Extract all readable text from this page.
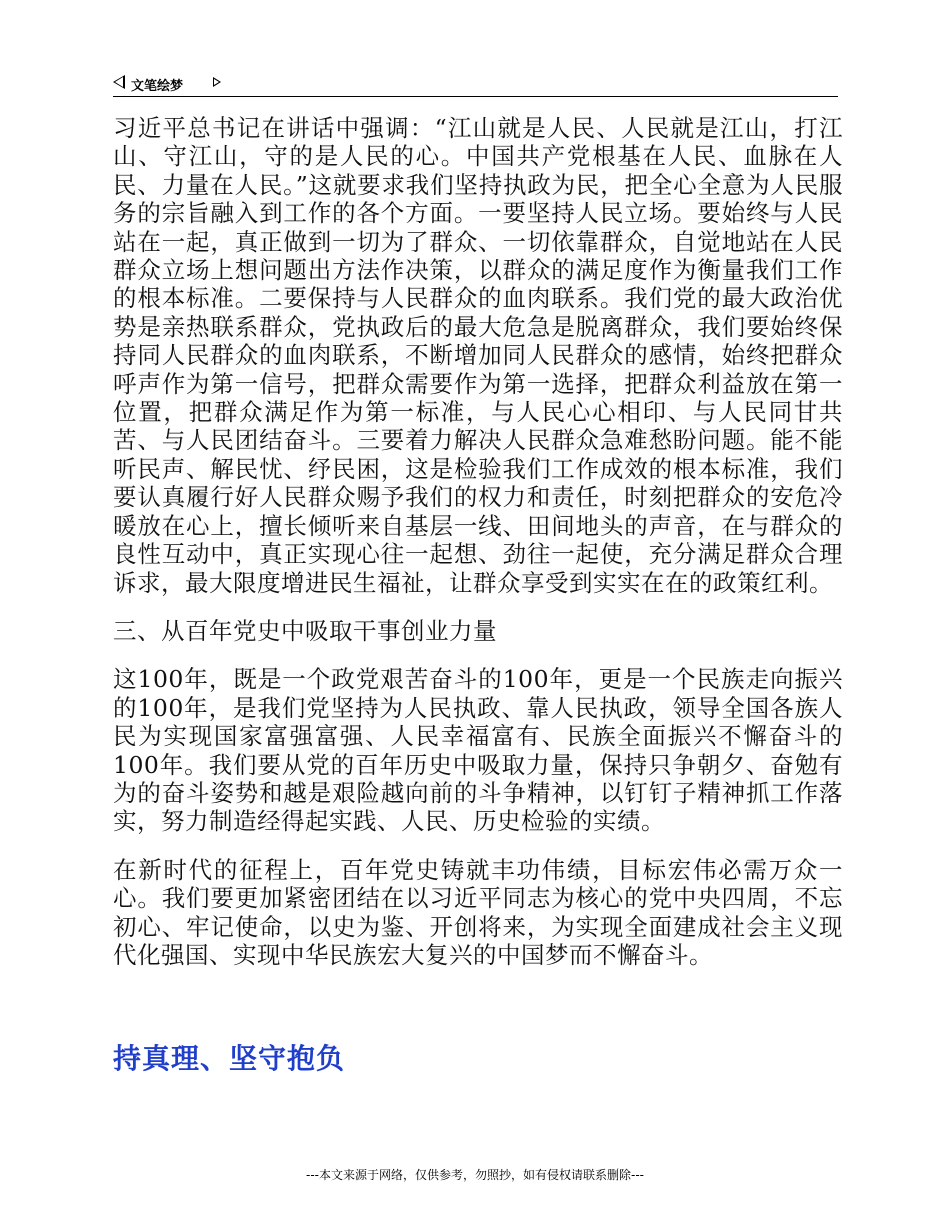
文笔绘梦

习近平总书记在讲话中强调：“江山就是人民、人民就是江山，打江山、守江山，守的是人民的心。中国共产党根基在人民、血脉在人民、力量在人民。”这就要求我们坚持执政为民，把全心全意为人民服务的宗旨融入到工作的各个方面。一要坚持人民立场。要始终与人民站在一起，真正做到一切为了群众、一切依靠群众，自觉地站在人民群众立场上想问题出方法作决策，以群众的满足度作为衡量我们工作的根本标准。二要保持与人民群众的血肉联系。我们党的最大政治优势是亲热联系群众，党执政后的最大危急是脱离群众，我们要始终保持同人民群众的血肉联系，不断增加同人民群众的感情，始终把群众呼声作为第一信号，把群众需要作为第一选择，把群众利益放在第一位置，把群众满足作为第一标准，与人民心心相印、与人民同甘共苦、与人民团结奋斗。三要着力解决人民群众急难愁盼问题。能不能听民声、解民忧、纾民困，这是检验我们工作成效的根本标准，我们要认真履行好人民群众赐予我们的权力和责任，时刻把群众的安危冷暖放在心上，擅长倾听来自基层一线、田间地头的声音，在与群众的良性互动中，真正实现心往一起想、劲往一起使，充分满足群众合理诉求，最大限度增进民生福祉，让群众享受到实实在在的政策红利。

三、从百年党史中吸取干事创业力量

这100年，既是一个政党艰苦奋斗的100年，更是一个民族走向振兴的100年，是我们党坚持为人民执政、靠人民执政，领导全国各族人民为实现国家富强富强、人民幸福富有、民族全面振兴不懈奋斗的100年。我们要从党的百年历史中吸取力量，保持只争朝夕、奋勉有为的奋斗姿势和越是艰险越向前的斗争精神，以钉钉子精神抓工作落实，努力制造经得起实践、人民、历史检验的实绩。

在新时代的征程上，百年党史铸就丰功伟绩，目标宏伟必需万众一心。我们要更加紧密团结在以习近平同志为核心的党中央四周，不忘初心、牢记使命，以史为鉴、开创将来，为实现全面建成社会主义现代化强国、实现中华民族宏大复兴的中国梦而不懈奋斗。

持真理、坚守抱负
---本文来源于网络，仅供参考，勿照抄，如有侵权请联系删除---
